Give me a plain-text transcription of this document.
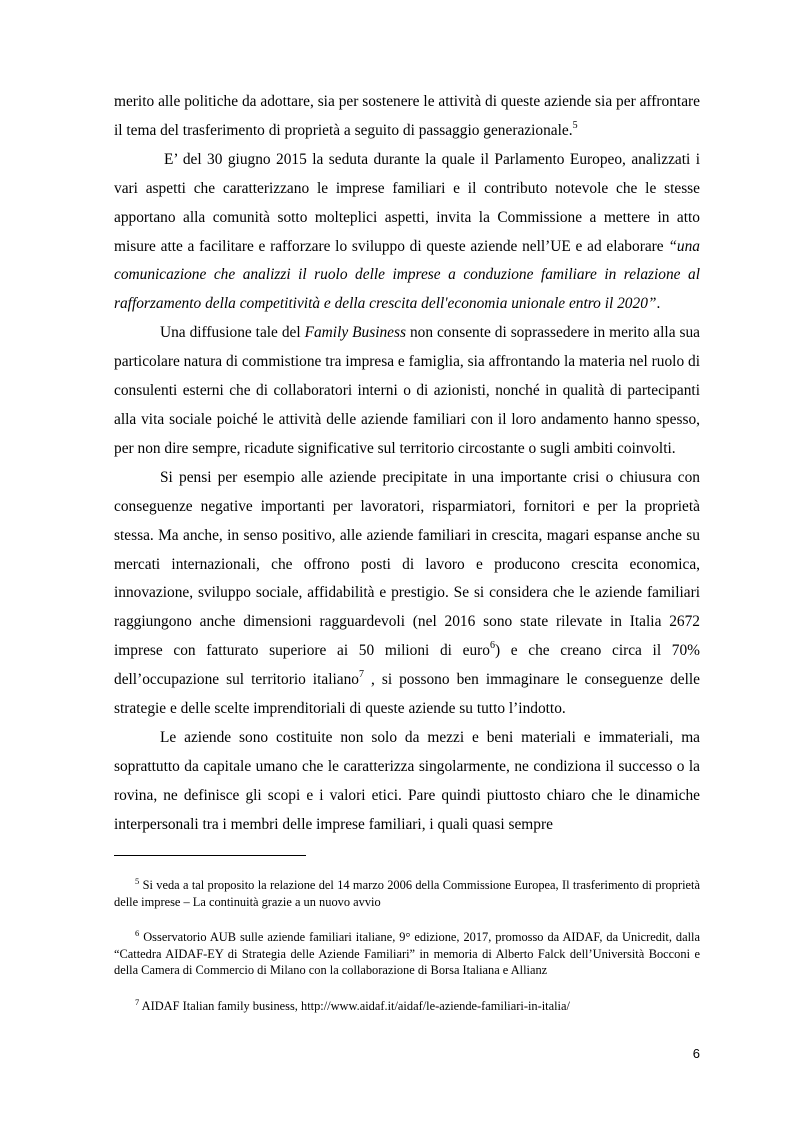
merito alle politiche da adottare, sia per sostenere le attività di queste aziende sia per affrontare il tema del trasferimento di proprietà a seguito di passaggio generazionale.$^5$

E’ del 30 giugno 2015 la seduta durante la quale il Parlamento Europeo, analizzati i vari aspetti che caratterizzano le imprese familiari e il contributo notevole che le stesse apportano alla comunità sotto molteplici aspetti, invita la Commissione a mettere in atto misure atte a facilitare e rafforzare lo sviluppo di queste aziende nell’UE e ad elaborare “una comunicazione che analizzi il ruolo delle imprese a conduzione familiare in relazione al rafforzamento della competitività e della crescita dell'economia unionale entro il 2020”.

Una diffusione tale del Family Business non consente di soprassedere in merito alla sua particolare natura di commistione tra impresa e famiglia, sia affrontando la materia nel ruolo di consulenti esterni che di collaboratori interni o di azionisti, nonché in qualità di partecipanti alla vita sociale poiché le attività delle aziende familiari con il loro andamento hanno spesso, per non dire sempre, ricadute significative sul territorio circostante o sugli ambiti coinvolti.

Si pensi per esempio alle aziende precipitate in una importante crisi o chiusura con conseguenze negative importanti per lavoratori, risparmiatori, fornitori e per la proprietà stessa. Ma anche, in senso positivo, alle aziende familiari in crescita, magari espanse anche su mercati internazionali, che offrono posti di lavoro e producono crescita economica, innovazione, sviluppo sociale, affidabilità e prestigio. Se si considera che le aziende familiari raggiungono anche dimensioni ragguardevoli (nel 2016 sono state rilevate in Italia 2672 imprese con fatturato superiore ai 50 milioni di euro$^6$) e che creano circa il 70% dell’occupazione sul territorio italiano$^7$ , si possono ben immaginare le conseguenze delle strategie e delle scelte imprenditoriali di queste aziende su tutto l’indotto.

Le aziende sono costituite non solo da mezzi e beni materiali e immateriali, ma soprattutto da capitale umano che le caratterizza singolarmente, ne condiziona il successo o la rovina, ne definisce gli scopi e i valori etici. Pare quindi piuttosto chiaro che le dinamiche interpersonali tra i membri delle imprese familiari, i quali quasi sempre

$^5$ Si veda a tal proposito la relazione del 14 marzo 2006 della Commissione Europea, Il trasferimento di proprietà delle imprese – La continuità grazie a un nuovo avvio

$^6$ Osservatorio AUB sulle aziende familiari italiane, 9° edizione, 2017, promosso da AIDAF, da Unicredit, dalla “Cattedra AIDAF-EY di Strategia delle Aziende Familiari” in memoria di Alberto Falck dell’Università Bocconi e della Camera di Commercio di Milano con la collaborazione di Borsa Italiana e Allianz

$^7$ AIDAF Italian family business, http://www.aidaf.it/aidaf/le-aziende-familiari-in-italia/

6
